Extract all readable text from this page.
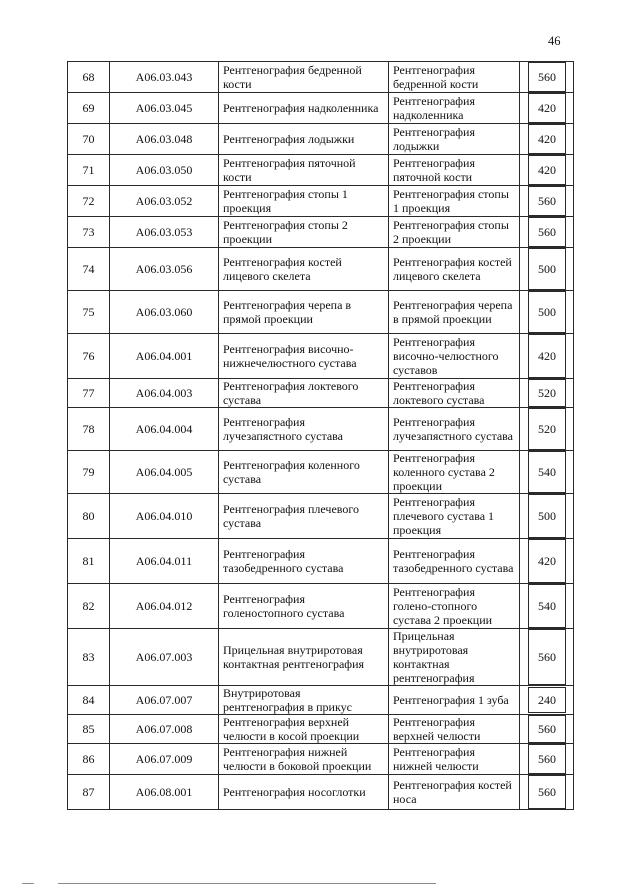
46
68	A06.03.043	Рентгенография бедренной кости	Рентгенография бедренной кости	560

69	A06.03.045	Рентгенография надколенника	Рентгенография надколенника	420

70	A06.03.048	Рентгенография лодыжки	Рентгенография лодыжки	420

71	A06.03.050	Рентгенография пяточной кости	Рентгенография пяточной кости	420

72	A06.03.052	Рентгенография стопы 1 проекция	Рентгенография стопы 1 проекция	560

73	A06.03.053	Рентгенография стопы 2 проекции	Рентгенография стопы 2 проекции	560

74	A06.03.056	Рентгенография костей лицевого скелета	Рентгенография костей лицевого скелета	500

75	A06.03.060	Рентгенография черепа в прямой проекции	Рентгенография черепа в прямой проекции	500

76	A06.04.001	Рентгенография височно-нижнечелюстного сустава	Рентгенография височно-челюстного суставов	420

77	A06.04.003	Рентгенография локтевого сустава	Рентгенография локтевого сустава	520

78	A06.04.004	Рентгенография лучезапястного сустава	Рентгенография лучезапястного сустава	520

79	A06.04.005	Рентгенография коленного сустава	Рентгенография коленного сустава 2 проекции	540

80	A06.04.010	Рентгенография плечевого сустава	Рентгенография плечевого сустава 1 проекция	500

81	A06.04.011	Рентгенография тазобедренного сустава	Рентгенография тазобедренного сустава	420

82	A06.04.012	Рентгенография голеностопного сустава	Рентгенография голено-стопного сустава 2 проекции	540

83	A06.07.003	Прицельная внутриротовая контактная рентгенография	Прицельная внутриротовая контактная рентгенография	560

84	A06.07.007	Внутриротовая рентгенография в прикус	Рентгенография 1 зуба	240

85	A06.07.008	Рентгенография верхней челюсти в косой проекции	Рентгенография верхней челюсти	560

86	A06.07.009	Рентгенография нижней челюсти в боковой проекции	Рентгенография нижней челюсти	560

87	A06.08.001	Рентгенография носоглотки	Рентгенография костей носа	560
